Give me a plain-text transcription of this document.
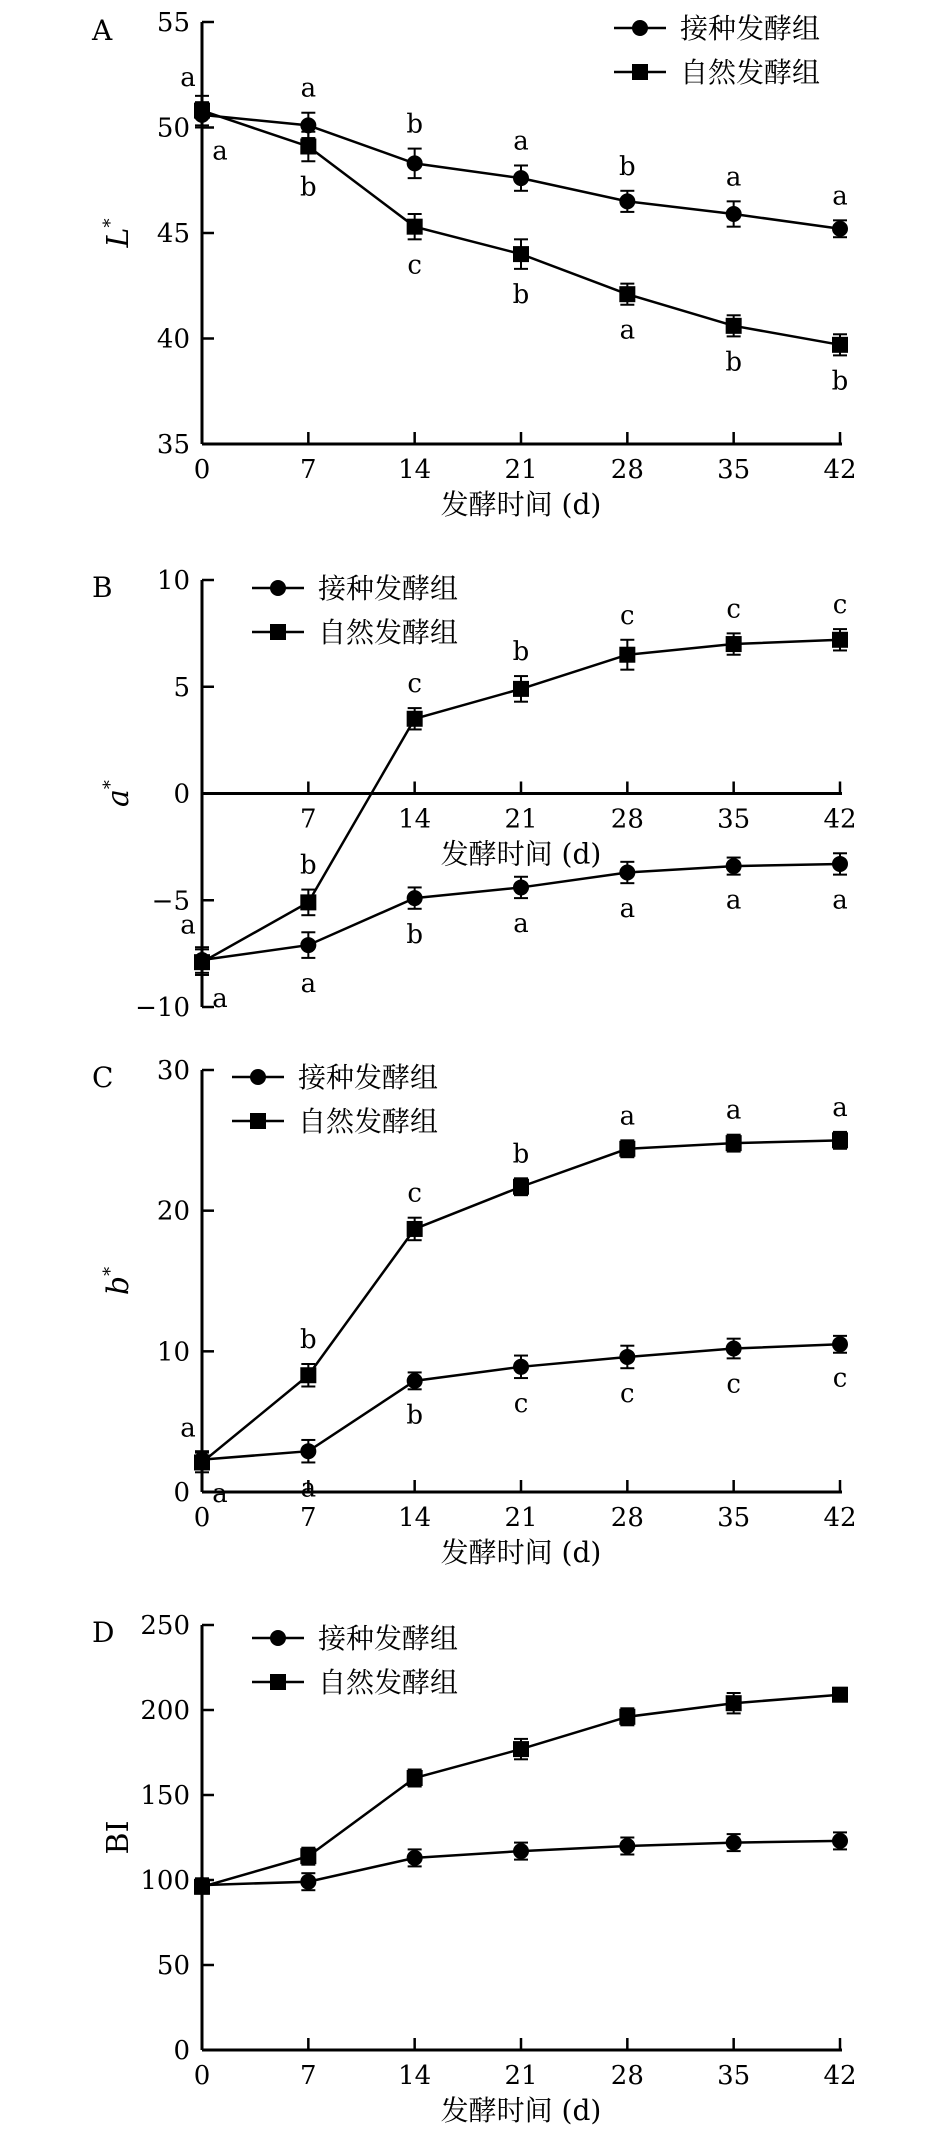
A
35
40
45
50
55
0	7	14	21	28	35	42
发酵时间 (d)
L*
a	a
b
a
b	a
a
a
b
c
b
a
b
b
接种发酵组
自然发酵组
B
−10
−5
0
5
10
7	14	21	28	35	42
发酵时间 (d)
a*
a	a
b	a	a	a	a
a
b
c
b
c	c	c
接种发酵组
自然发酵组
C
0
10
20
30
0	7	14	21	28	35	42
发酵时间 (d)
b*
a	a
b	c	c	c	c
a
b
c
b
a	a	a
接种发酵组
自然发酵组
D
0
50
100
150
200
250
0	7	14	21	28	35	42
发酵时间 (d)
BI
接种发酵组
自然发酵组
